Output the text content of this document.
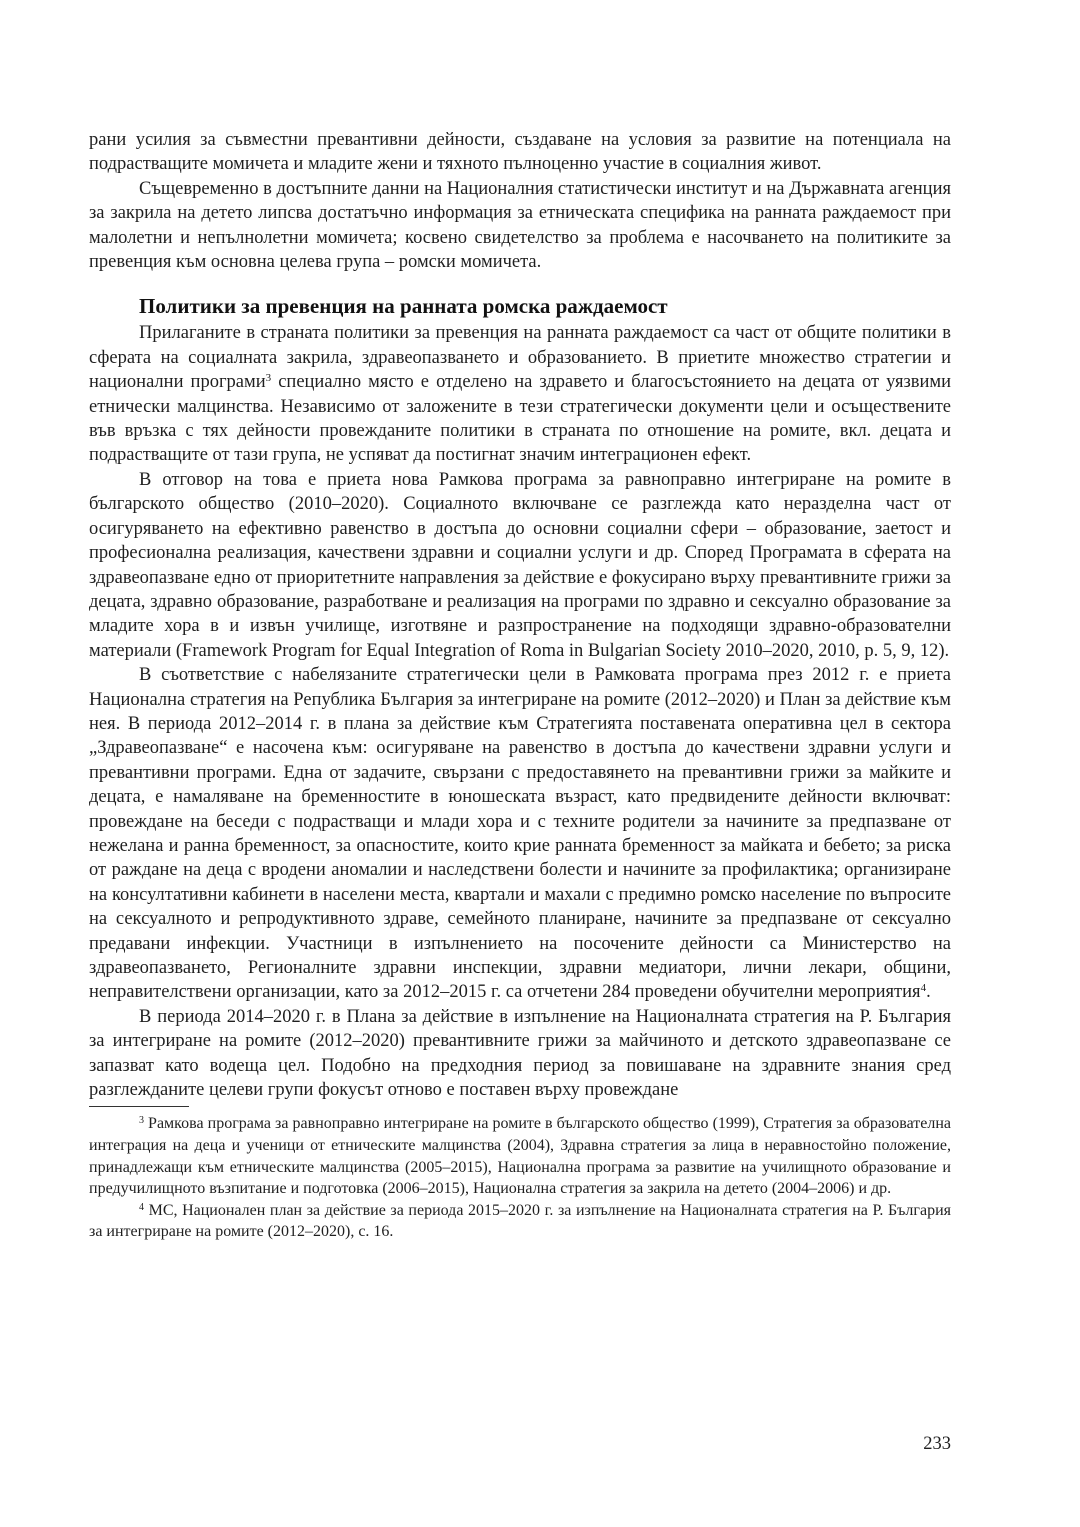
рани усилия за съвместни превантивни дейности, създаване на условия за развитие на потенциала на подрастващите момичета и младите жени и тяхното пълноценно участие в социалния живот.

Същевременно в достъпните данни на Националния статистически институт и на Държавната агенция за закрила на детето липсва достатъчно информация за етническата специфика на ранната раждаемост при малолетни и непълнолетни момичета; косвено свидетелство за проблема е насочването на политиките за превенция към основна целева група – ромски момичета.

Политики за превенция на ранната ромска раждаемост

Прилаганите в страната политики за превенция на ранната раждаемост са част от общите политики в сферата на социалната закрила, здравеопазването и образованието. В приетите множество стратегии и национални програми$^3$ специално място е отделено на здравето и благосъстоянието на децата от уязвими етнически малцинства. Независимо от заложените в тези стратегически документи цели и осъществените във връзка с тях дейности провежданите политики в страната по отношение на ромите, вкл. децата и подрастващите от тази група, не успяват да постигнат значим интеграционен ефект.

В отговор на това е приета нова Рамкова програма за равноправно интегриране на ромите в българското общество (2010–2020). Социалното включване се разглежда като неразделна част от осигуряването на ефективно равенство в достъпа до основни социални сфери – образование, заетост и професионална реализация, качествени здравни и социални услуги и др. Според Програмата в сферата на здравеопазване едно от приоритетните направления за действие е фокусирано върху превантивните грижи за децата, здравно образование, разработване и реализация на програми по здравно и сексуално образование за младите хора в и извън училище, изготвяне и разпространение на подходящи здравно-образователни материали (Framework Program for Equal Integration of Roma in Bulgarian Society 2010–2020, 2010, p. 5, 9, 12).

В съответствие с набелязаните стратегически цели в Рамковата програма през 2012 г. е приета Национална стратегия на Република България за интегриране на ромите (2012–2020) и План за действие към нея. В периода 2012–2014 г. в плана за действие към Стратегията поставената оперативна цел в сектора „Здравеопазване“ е насочена към: осигуряване на равенство в достъпа до качествени здравни услуги и превантивни програми. Една от задачите, свързани с предоставянето на превантивни грижи за майките и децата, е намаляване на бременностите в юношеската възраст, като предвидените дейности включват: провеждане на беседи с подрастващи и млади хора и с техните родители за начините за предпазване от нежелана и ранна бременност, за опасностите, които крие ранната бременност за майката и бебето; за риска от раждане на деца с вродени аномалии и наследствени болести и начините за профилактика; организиране на консултативни кабинети в населени места, квартали и махали с предимно ромско население по въпросите на сексуалното и репродуктивното здраве, семейното планиране, начините за предпазване от сексуално предавани инфекции. Участници в изпълнението на посочените дейности са Министерство на здравеопазването, Регионалните здравни инспекции, здравни медиатори, лични лекари, общини, неправителствени организации, като за 2012–2015 г. са отчетени 284 проведени обучителни мероприятия$^4$.

В периода 2014–2020 г. в Плана за действие в изпълнение на Националната стратегия на Р. България за интегриране на ромите (2012–2020) превантивните грижи за майчиното и детското здравеопазване се запазват като водеща цел. Подобно на предходния период за повишаване на здравните знания сред разглежданите целеви групи фокусът отново е поставен върху провеждане

$^3$ Рамкова програма за равноправно интегриране на ромите в българското общество (1999), Стратегия за образователна интеграция на деца и ученици от етническите малцинства (2004), Здравна стратегия за лица в неравностойно положение, принадлежащи към етническите малцинства (2005–2015), Национална програма за развитие на училищното образование и предучилищното възпитание и подготовка (2006–2015), Национална стратегия за закрила на детето (2004–2006) и др.

$^4$ МС, Национален план за действие за периода 2015–2020 г. за изпълнение на Националната стратегия на Р. България за интегриране на ромите (2012–2020), с. 16.

233
